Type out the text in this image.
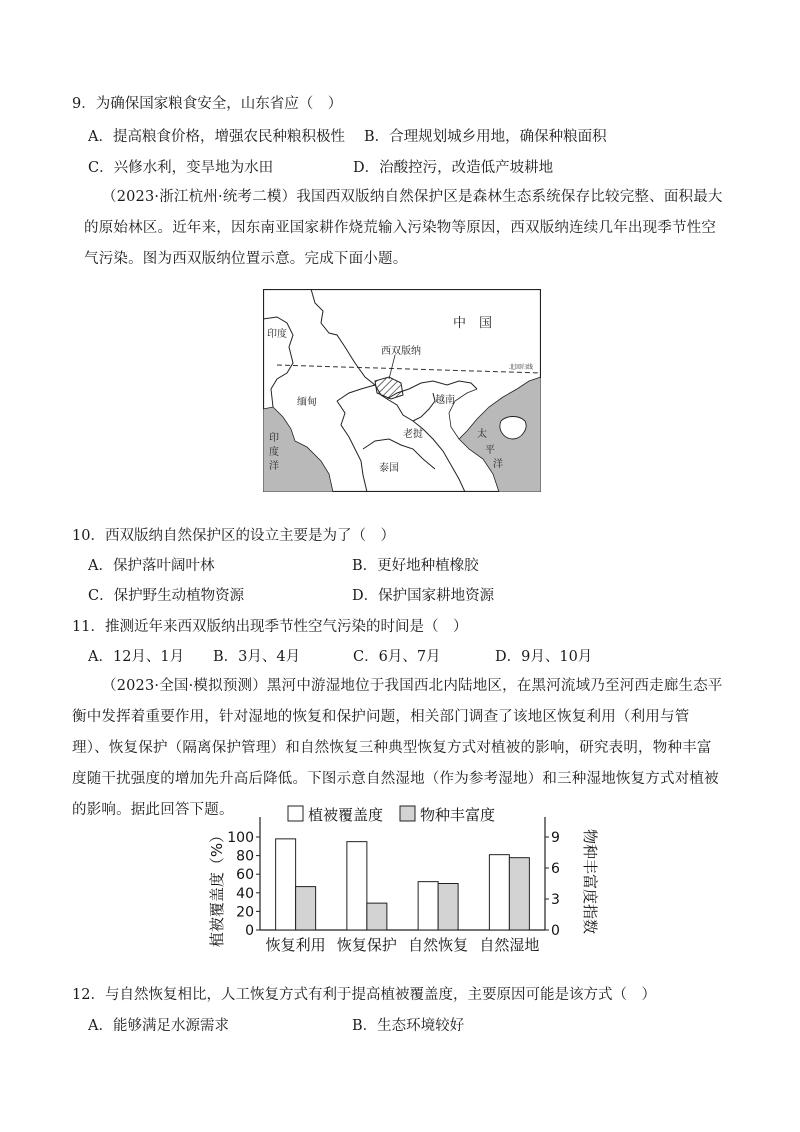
9．为确保国家粮食安全，山东省应（　）
A．提高粮食价格，增强农民种粮积极性 B．合理规划城乡用地，确保种粮面积
C．兴修水利，变旱地为水田	D．治酸控污，改造低产坡耕地
（2023·浙江杭州·统考二模）我国西双版纳自然保护区是森林生态系统保存比较完整、面积最大的原始林区。近年来，因东南亚国家耕作烧荒输入污染物等原因，西双版纳连续几年出现季节性空气污染。图为西双版纳位置示意。完成下面小题。
中　国
印度
西双版纳
北回归线
缅甸	越南
老挝
泰国
印
度
洋
太
平
洋
10．西双版纳自然保护区的设立主要是为了（　）
A．保护落叶阔叶林	B．更好地种植橡胶
C．保护野生动植物资源	D．保护国家耕地资源
11．推测近年来西双版纳出现季节性空气污染的时间是（　）
A．12月、1月 B．3月、4月	C．6月、7月	D．9月、10月
（2023·全国·模拟预测）黑河中游湿地位于我国西北内陆地区，在黑河流域乃至河西走廊生态平衡中发挥着重要作用，针对湿地的恢复和保护问题，相关部门调查了该地区恢复利用（利用与管理）、恢复保护（隔离保护管理）和自然恢复三种典型恢复方式对植被的影响，研究表明，物种丰富度随干扰强度的增加先升高后降低。下图示意自然湿地（作为参考湿地）和三种湿地恢复方式对植被的影响。据此回答下题。
0
20
40
60
80
100
0
3
6
9
植被覆盖度（%）	物种丰富度指数
植被覆盖度 物种丰富度
恢复利用 恢复保护 自然恢复 自然湿地
12．与自然恢复相比，人工恢复方式有利于提高植被覆盖度，主要原因可能是该方式（　）
A．能够满足水源需求	B．生态环境较好
